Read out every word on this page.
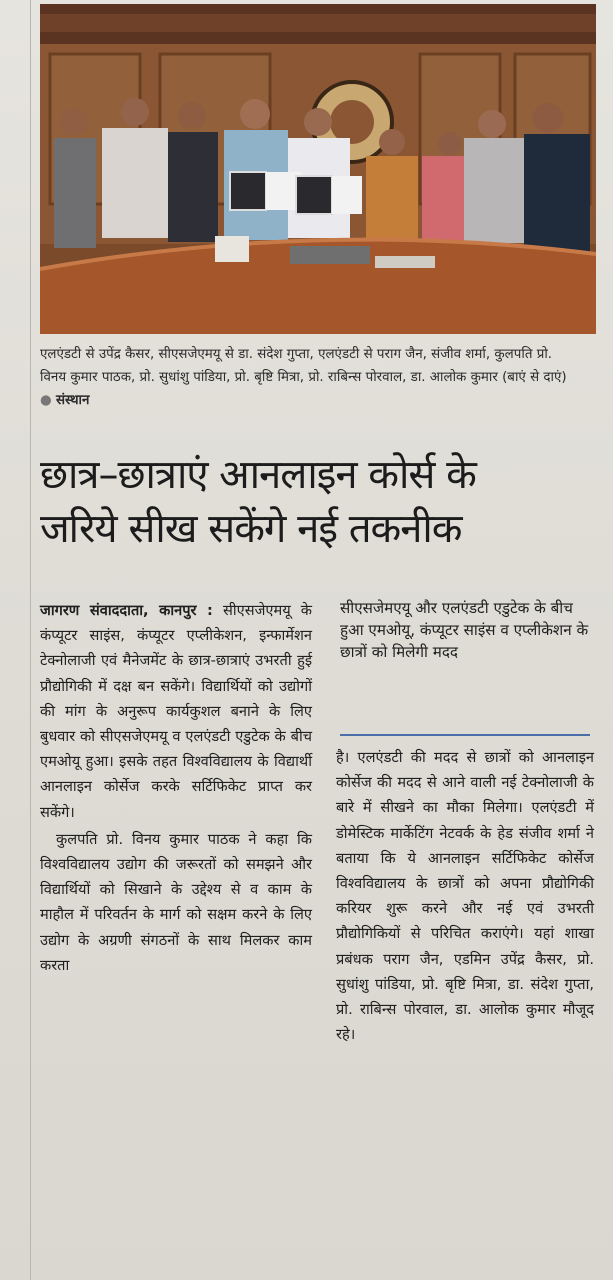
एलएंडटी से उपेंद्र कैसर, सीएसजेएमयू से डा. संदेश गुप्ता, एलएंडटी से पराग जैन, संजीव शर्मा, कुलपति प्रो. विनय कुमार पाठक, प्रो. सुधांशु पांडिया, प्रो. बृष्टि मित्रा, प्रो. राबिन्स पोरवाल, डा. आलोक कुमार (बाएं से दाएं) ● संस्थान
छात्र–छात्राएं आनलाइन कोर्स के
जरिये सीख सकेंगे नई तकनीक

जागरण संवाददाता, कानपुर : सीएसजेएमयू के कंप्यूटर साइंस, कंप्यूटर एप्लीकेशन, इन्फार्मेशन टेक्नोलाजी एवं मैनेजमेंट के छात्र-छात्राएं उभरती हुई प्रौद्योगिकी में दक्ष बन सकेंगे। विद्यार्थियों को उद्योगों की मांग के अनुरूप कार्यकुशल बनाने के लिए बुधवार को सीएसजेएमयू व एलएंडटी एडुटेक के बीच एमओयू हुआ। इसके तहत विश्वविद्यालय के विद्यार्थी आनलाइन कोर्सेज करके सर्टिफिकेट प्राप्त कर सकेंगे।

कुलपति प्रो. विनय कुमार पाठक ने कहा कि विश्वविद्यालय उद्योग की जरूरतों को समझने और विद्यार्थियों को सिखाने के उद्देश्य से व काम के माहौल में परिवर्तन के मार्ग को सक्षम करने के लिए उद्योग के अग्रणी संगठनों के साथ मिलकर काम करता

सीएसजेमएयू और एलएंडटी एडुटेक के बीच हुआ एमओयू, कंप्यूटर साइंस व एप्लीकेशन के छात्रों को मिलेगी मदद

है। एलएंडटी की मदद से छात्रों को आनलाइन कोर्सेज की मदद से आने वाली नई टेक्नोलाजी के बारे में सीखने का मौका मिलेगा। एलएंडटी में डोमेस्टिक मार्केटिंग नेटवर्क के हेड संजीव शर्मा ने बताया कि ये आनलाइन सर्टिफिकेट कोर्सेज विश्वविद्यालय के छात्रों को अपना प्रौद्योगिकी करियर शुरू करने और नई एवं उभरती प्रौद्योगिकियों से परिचित कराएंगे। यहां शाखा प्रबंधक पराग जैन, एडमिन उपेंद्र कैसर, प्रो. सुधांशु पांडिया, प्रो. बृष्टि मित्रा, डा. संदेश गुप्ता, प्रो. राबिन्स पोरवाल, डा. आलोक कुमार मौजूद रहे।
